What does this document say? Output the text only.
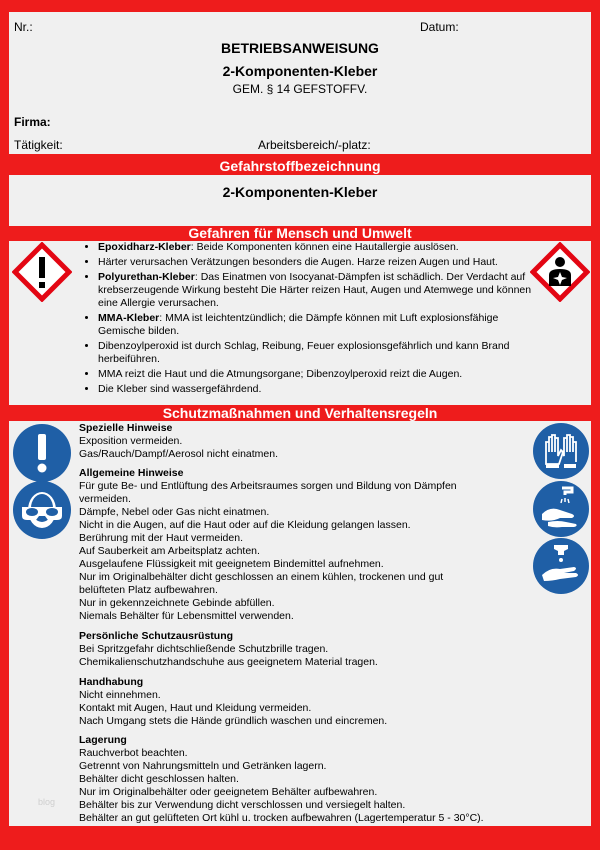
Nr.:	Datum:
BETRIEBSANWEISUNG
2-Komponenten-Kleber
GEM. § 14 GEFSTOFFV.
Firma:
Tätigkeit:	Arbeitsbereich/-platz:
Gefahrstoffbezeichnung
2-Komponenten-Kleber
Gefahren für Mensch und Umwelt
• Epoxidharz-Kleber: Beide Komponenten können eine Hautallergie auslösen.
• Härter verursachen Verätzungen besonders die Augen. Harze reizen Augen und Haut.
• Polyurethan-Kleber: Das Einatmen von Isocyanat-Dämpfen ist schädlich. Der Verdacht auf krebserzeugende Wirkung besteht Die Härter reizen Haut, Augen und Atemwege und können eine Allergie verursachen.
• MMA-Kleber: MMA ist leichtentzündlich; die Dämpfe können mit Luft explosionsfähige Gemische bilden.
• Dibenzoylperoxid ist durch Schlag, Reibung, Feuer explosionsgefährlich und kann Brand herbeiführen.
• MMA reizt die Haut und die Atmungsorgane; Dibenzoylperoxid reizt die Augen.
• Die Kleber sind wassergefährdend.
Schutzmaßnahmen und Verhaltensregeln
Spezielle Hinweise
Exposition vermeiden.
Gas/Rauch/Dampf/Aerosol nicht einatmen.
Allgemeine Hinweise
Für gute Be- und Entlüftung des Arbeitsraumes sorgen und Bildung von Dämpfen
vermeiden.
Dämpfe, Nebel oder Gas nicht einatmen.
Nicht in die Augen, auf die Haut oder auf die Kleidung gelangen lassen.
Berührung mit der Haut vermeiden.
Auf Sauberkeit am Arbeitsplatz achten.
Ausgelaufene Flüssigkeit mit geeignetem Bindemittel aufnehmen.
Nur im Originalbehälter dicht geschlossen an einem kühlen, trockenen und gut
belüfteten Platz aufbewahren.
Nur in gekennzeichnete Gebinde abfüllen.
Niemals Behälter für Lebensmittel verwenden.
Persönliche Schutzausrüstung
Bei Spritzgefahr dichtschließende Schutzbrille tragen.
Chemikalienschutzhandschuhe aus geeignetem Material tragen.
Handhabung
Nicht einnehmen.
Kontakt mit Augen, Haut und Kleidung vermeiden.
Nach Umgang stets die Hände gründlich waschen und eincremen.
Lagerung
Rauchverbot beachten.
Getrennt von Nahrungsmitteln und Getränken lagern.
Behälter dicht geschlossen halten.
Nur im Originalbehälter oder geeignetem Behälter aufbewahren.
Behälter bis zur Verwendung dicht verschlossen und versiegelt halten.
Behälter an gut gelüfteten Ort kühl u. trocken aufbewahren (Lagertemperatur 5 - 30°C).
blog
